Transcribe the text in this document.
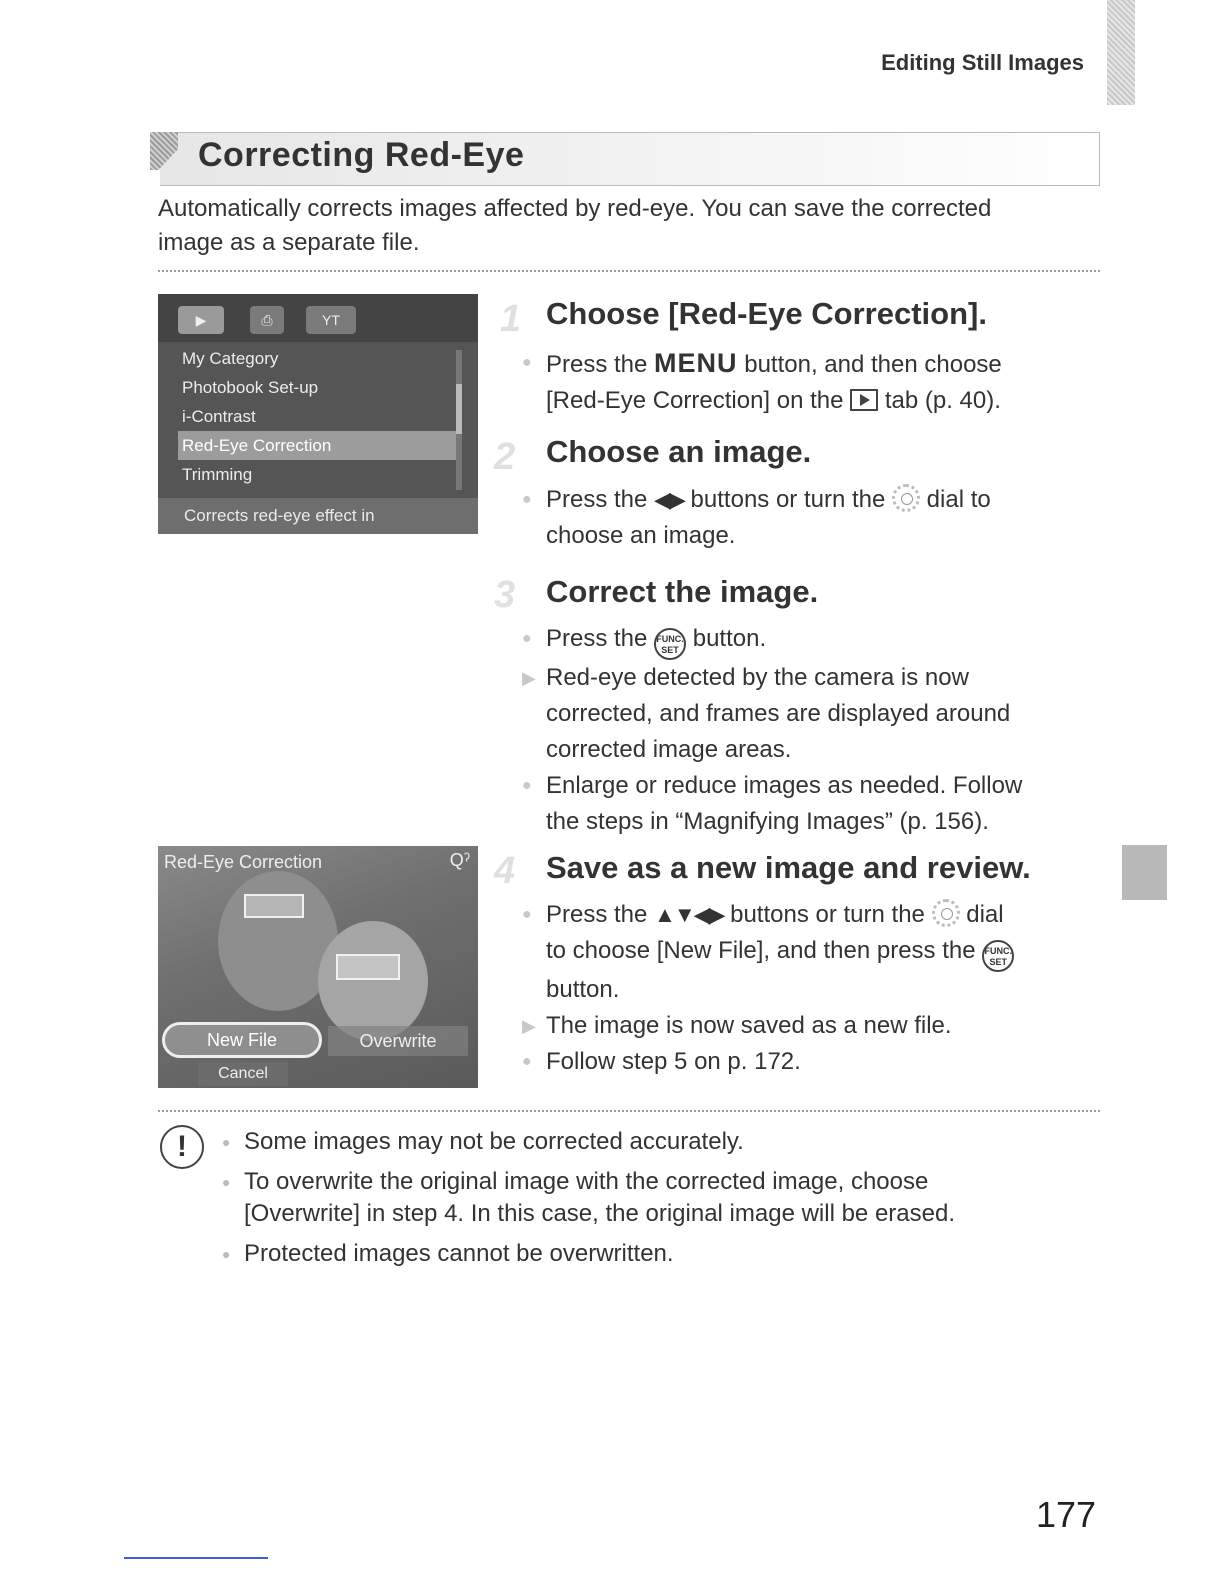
Editing Still Images
Correcting Red-Eye
Automatically corrects images affected by red-eye. You can save the corrected image as a separate file.
▶	⎙	YT
My Category
Photobook Set-up
i-Contrast
Red-Eye Correction
Trimming
Corrects red-eye effect in
Red-Eye Correction	Qˀ
New File	Overwrite
Cancel
1 Choose [Red-Eye Correction].
● Press the MENU button, and then choose
[Red-Eye Correction] on the  tab (p. 40).
2 Choose an image.
● Press the ◀▶ buttons or turn the  dial to
choose an image.
3 Correct the image.
● Press the FUNC.
SET button.
▶ Red-eye detected by the camera is now
corrected, and frames are displayed around
corrected image areas.
● Enlarge or reduce images as needed. Follow
the steps in “Magnifying Images” (p. 156).
4 Save as a new image and review.
● Press the ▲▼◀▶ buttons or turn the  dial
to choose [New File], and then press the FUNC.
SET
button.
▶ The image is now saved as a new file.
● Follow step 5 on p. 172.
!	● Some images may not be corrected accurately.
● To overwrite the original image with the corrected image, choose
[Overwrite] in step 4. In this case, the original image will be erased.
● Protected images cannot be overwritten.
177
